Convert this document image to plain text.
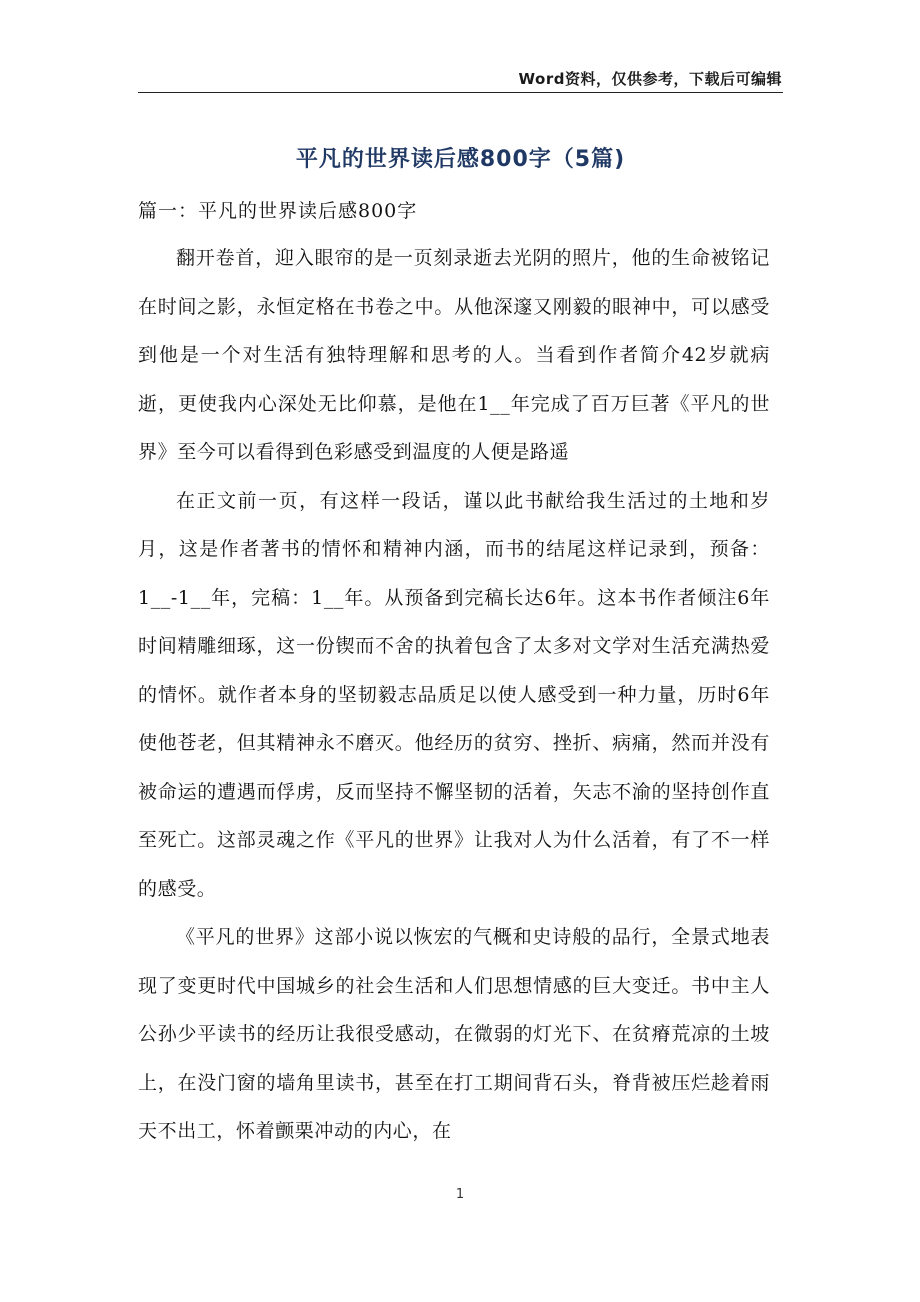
Word资料，仅供参考，下载后可编辑
平凡的世界读后感800字（5篇)
篇一：平凡的世界读后感800字

翻开卷首，迎入眼帘的是一页刻录逝去光阴的照片，他的生命被铭记在时间之影，永恒定格在书卷之中。从他深邃又刚毅的眼神中，可以感受到他是一个对生活有独特理解和思考的人。当看到作者简介42岁就病逝，更使我内心深处无比仰慕，是他在1__年完成了百万巨著《平凡的世界》至今可以看得到色彩感受到温度的人便是路遥

在正文前一页，有这样一段话，谨以此书献给我生活过的土地和岁月，这是作者著书的情怀和精神内涵，而书的结尾这样记录到，预备：1__-1__年，完稿：1__年。从预备到完稿长达6年。这本书作者倾注6年时间精雕细琢，这一份锲而不舍的执着包含了太多对文学对生活充满热爱的情怀。就作者本身的坚韧毅志品质足以使人感受到一种力量，历时6年使他苍老，但其精神永不磨灭。他经历的贫穷、挫折、病痛，然而并没有被命运的遭遇而俘虏，反而坚持不懈坚韧的活着，矢志不渝的坚持创作直至死亡。这部灵魂之作《平凡的世界》让我对人为什么活着，有了不一样的感受。

《平凡的世界》这部小说以恢宏的气概和史诗般的品行，全景式地表现了变更时代中国城乡的社会生活和人们思想情感的巨大变迁。书中主人公孙少平读书的经历让我很受感动，在微弱的灯光下、在贫瘠荒凉的土坡上，在没门窗的墙角里读书，甚至在打工期间背石头，脊背被压烂趁着雨天不出工，怀着颤栗冲动的内心，在

1
